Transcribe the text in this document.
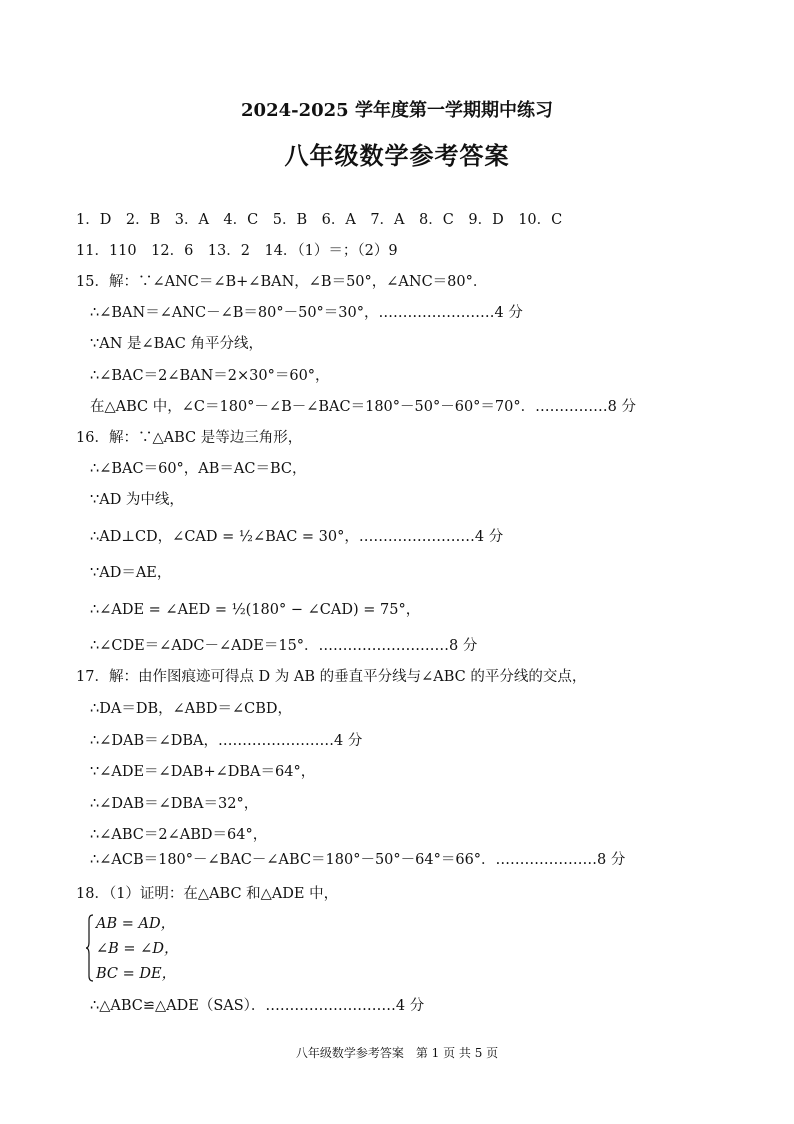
2024-2025 学年度第一学期期中练习
八年级数学参考答案
1．D　2．B　3．A　4．C　5．B　6．A　7．A　8．C　9．D　10．C
11．110　12．6　13．2　14．（1）＝；（2）9
15．解：∵∠ANC＝∠B+∠BAN，∠B＝50°，∠ANC＝80°．
∴∠BAN＝∠ANC－∠B＝80°－50°＝30°，……………………4 分
∵AN 是∠BAC 角平分线，
∴∠BAC＝2∠BAN＝2×30°＝60°，
在△ABC 中，∠C＝180°－∠B－∠BAC＝180°－50°－60°＝70°．……………8 分
16．解：∵△ABC 是等边三角形，
∴∠BAC＝60°，AB＝AC＝BC，
∵AD 为中线，
∴AD⊥CD，∠CAD = ½∠BAC = 30°，……………………4 分
∵AD＝AE，
∴∠ADE = ∠AED = ½(180° − ∠CAD) = 75°，
∴∠CDE＝∠ADC－∠ADE＝15°．………………………8 分
17．解：由作图痕迹可得点 D 为 AB 的垂直平分线与∠ABC 的平分线的交点，
∴DA＝DB，∠ABD＝∠CBD，
∴∠DAB＝∠DBA，……………………4 分
∵∠ADE＝∠DAB+∠DBA＝64°，
∴∠DAB＝∠DBA＝32°，
∴∠ABC＝2∠ABD＝64°，
∴∠ACB＝180°－∠BAC－∠ABC＝180°－50°－64°＝66°．…………………8 分
18．（1）证明：在△ABC 和△ADE 中，
AB = AD，
∠B = ∠D，
BC = DE，
∴△ABC≌△ADE（SAS）．………………………4 分
八年级数学参考答案　第 1 页 共 5 页
